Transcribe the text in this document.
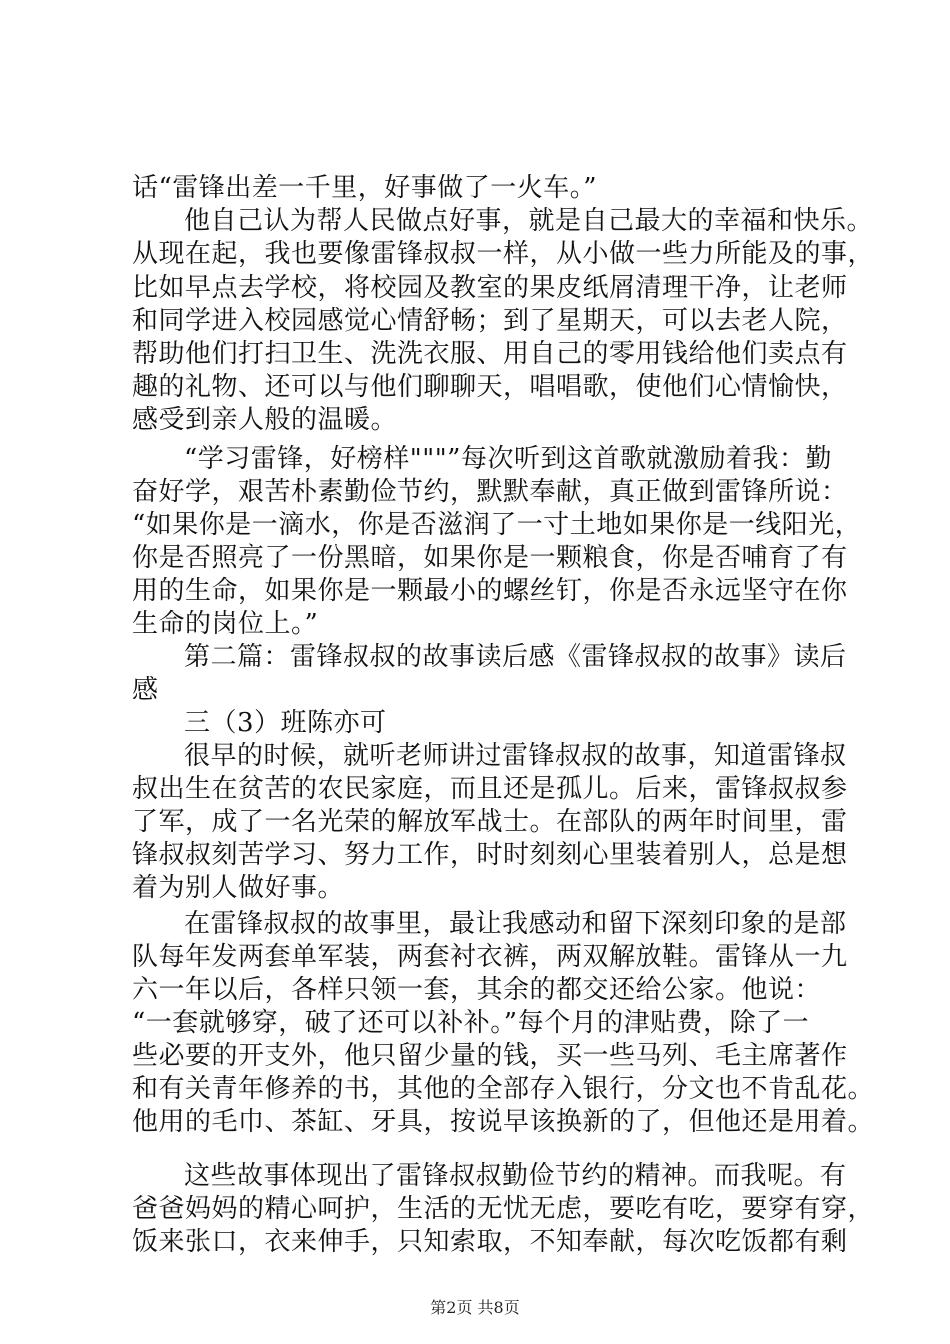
话“雷锋出差一千里，好事做了一火车。”
他自己认为帮人民做点好事，就是自己最大的幸福和快乐。
从现在起，我也要像雷锋叔叔一样，从小做一些力所能及的事，
比如早点去学校，将校园及教室的果皮纸屑清理干净，让老师
和同学进入校园感觉心情舒畅；到了星期天，可以去老人院，
帮助他们打扫卫生、洗洗衣服、用自己的零用钱给他们卖点有
趣的礼物、还可以与他们聊聊天，唱唱歌，使他们心情愉快，
感受到亲人般的温暖。
“学习雷锋，好榜样"""”每次听到这首歌就激励着我：勤
奋好学，艰苦朴素勤俭节约，默默奉献，真正做到雷锋所说：
“如果你是一滴水，你是否滋润了一寸土地如果你是一线阳光，
你是否照亮了一份黑暗，如果你是一颗粮食，你是否哺育了有
用的生命，如果你是一颗最小的螺丝钉，你是否永远坚守在你
生命的岗位上。”
第二篇：雷锋叔叔的故事读后感《雷锋叔叔的故事》读后
感
三（3）班陈亦可
很早的时候，就听老师讲过雷锋叔叔的故事，知道雷锋叔
叔出生在贫苦的农民家庭，而且还是孤儿。后来，雷锋叔叔参
了军，成了一名光荣的解放军战士。在部队的两年时间里，雷
锋叔叔刻苦学习、努力工作，时时刻刻心里装着别人，总是想
着为别人做好事。
在雷锋叔叔的故事里，最让我感动和留下深刻印象的是部
队每年发两套单军装，两套衬衣裤，两双解放鞋。雷锋从一九
六一年以后，各样只领一套，其余的都交还给公家。他说：
“一套就够穿，破了还可以补补。”每个月的津贴费，除了一
些必要的开支外，他只留少量的钱，买一些马列、毛主席著作
和有关青年修养的书，其他的全部存入银行，分文也不肯乱花。
他用的毛巾、茶缸、牙具，按说早该换新的了，但他还是用着。
这些故事体现出了雷锋叔叔勤俭节约的精神。而我呢。有
爸爸妈妈的精心呵护，生活的无忧无虑，要吃有吃，要穿有穿，
饭来张口，衣来伸手，只知索取，不知奉献，每次吃饭都有剩
第2页 共8页
